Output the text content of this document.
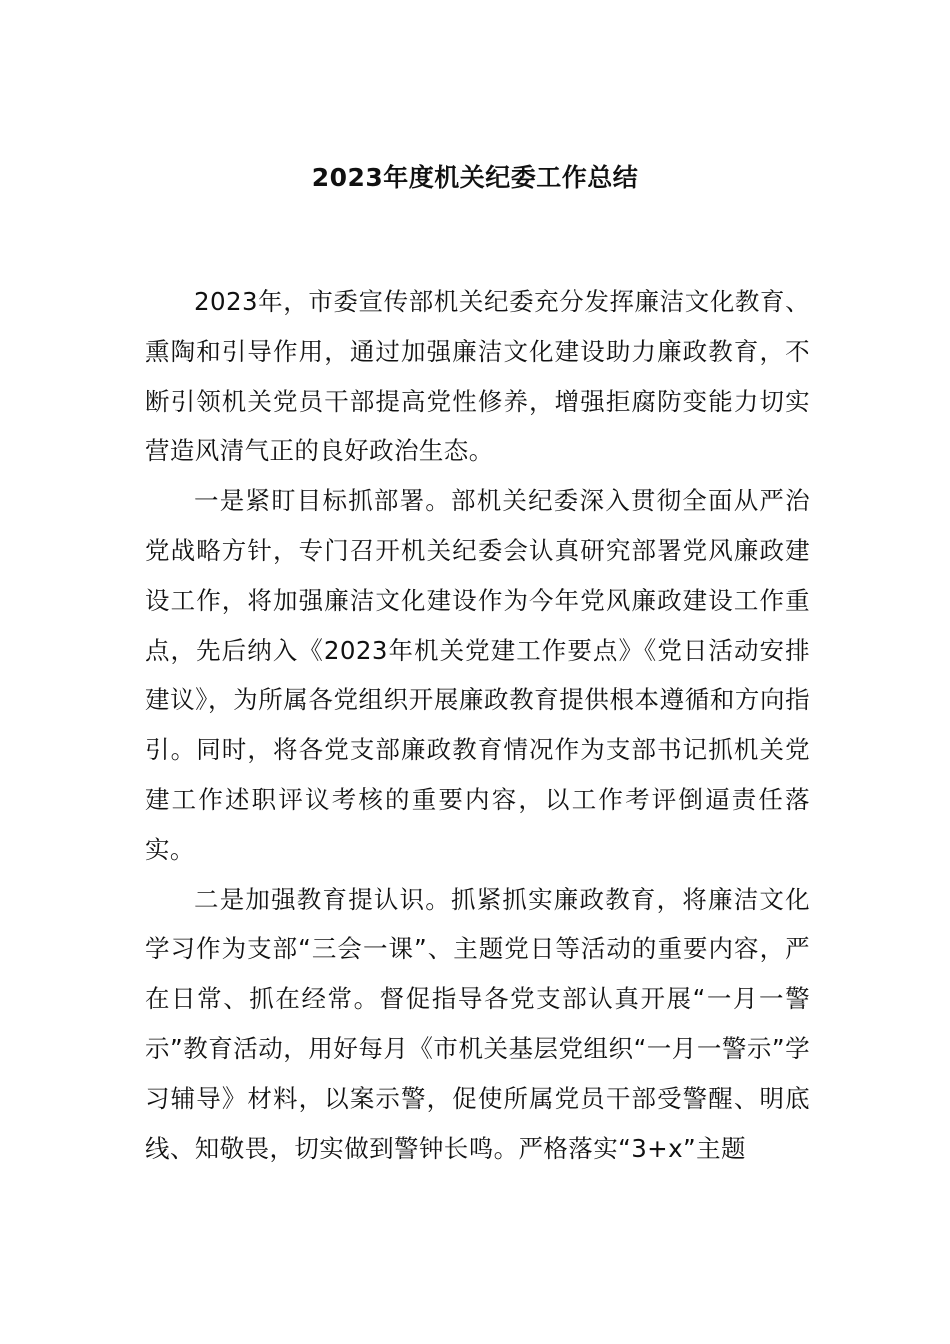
2023年度机关纪委工作总结

2023年，市委宣传部机关纪委充分发挥廉洁文化教育、熏陶和引导作用，通过加强廉洁文化建设助力廉政教育，不断引领机关党员干部提高党性修养，增强拒腐防变能力切实营造风清气正的良好政治生态。

一是紧盯目标抓部署。部机关纪委深入贯彻全面从严治党战略方针，专门召开机关纪委会认真研究部署党风廉政建设工作，将加强廉洁文化建设作为今年党风廉政建设工作重点，先后纳入《2023年机关党建工作要点》《党日活动安排建议》，为所属各党组织开展廉政教育提供根本遵循和方向指引。同时，将各党支部廉政教育情况作为支部书记抓机关党建工作述职评议考核的重要内容，以工作考评倒逼责任落实。

二是加强教育提认识。抓紧抓实廉政教育，将廉洁文化学习作为支部“三会一课”、主题党日等活动的重要内容，严在日常、抓在经常。督促指导各党支部认真开展“一月一警示”教育活动，用好每月《市机关基层党组织“一月一警示”学习辅导》材料，以案示警，促使所属党员干部受警醒、明底线、知敬畏，切实做到警钟长鸣。严格落实“3+x”主题
